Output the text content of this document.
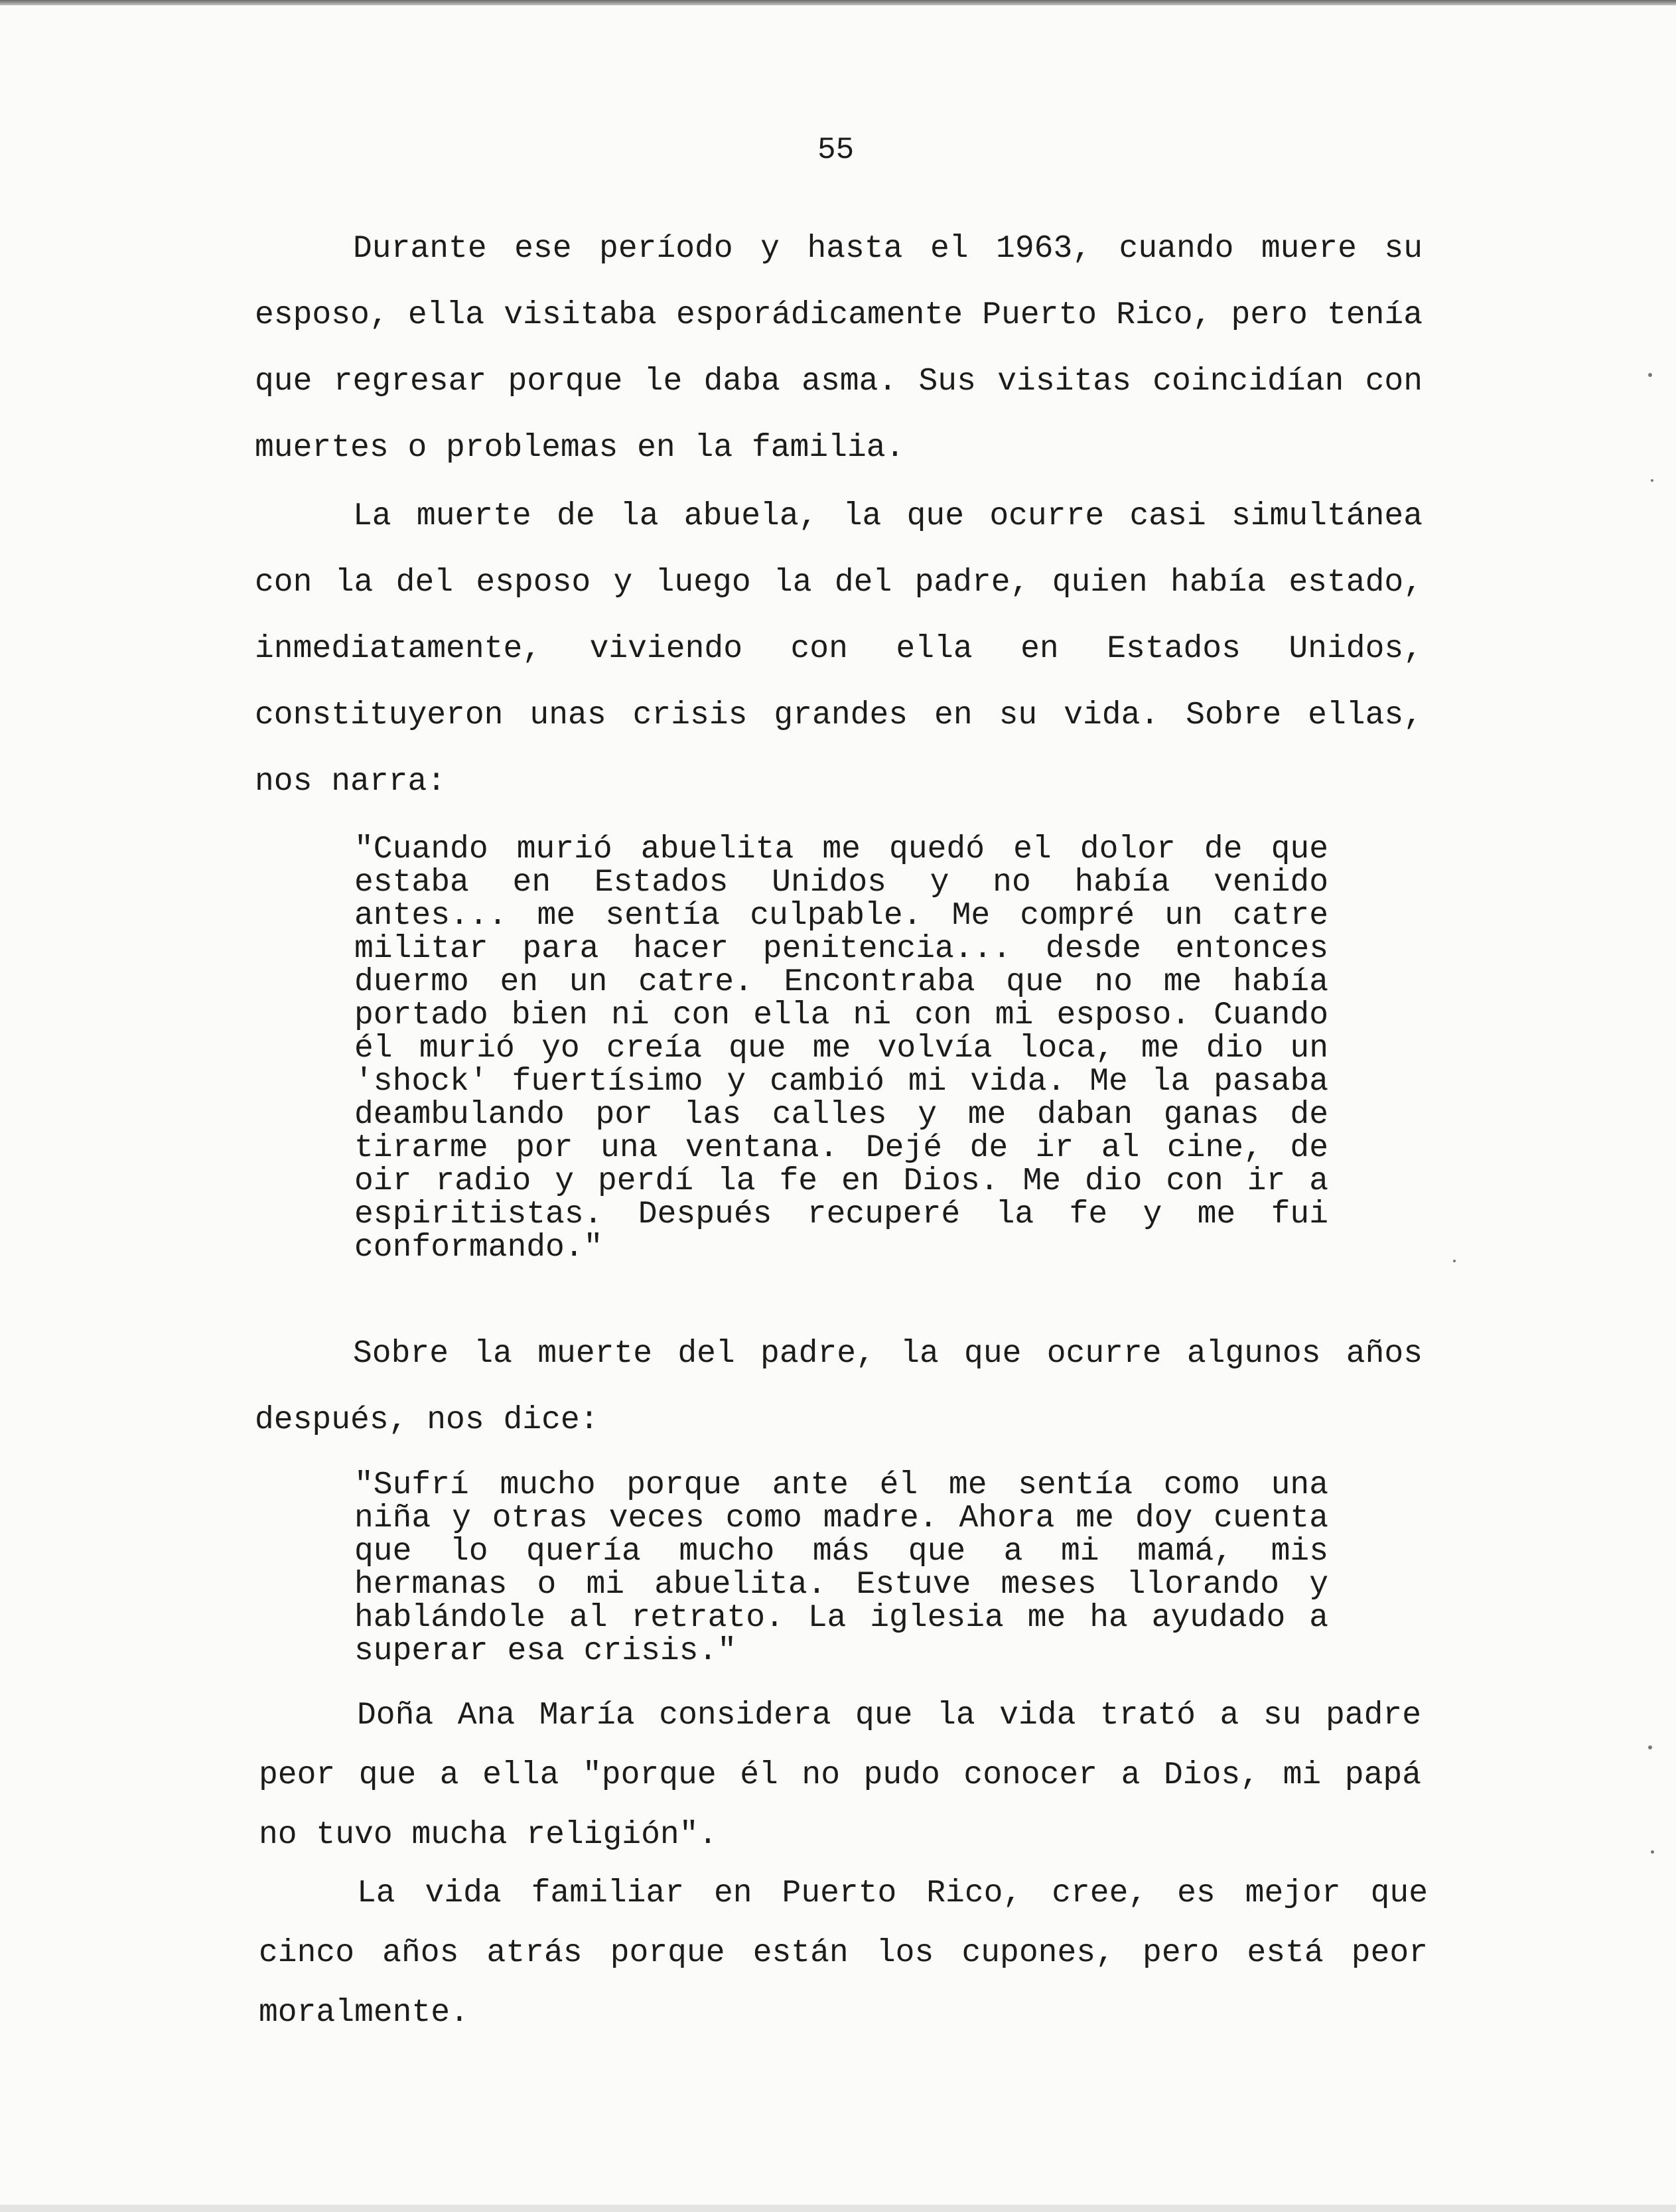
55

Durante ese período y hasta el 1963, cuando muere su esposo, ella visitaba esporádicamente Puerto Rico, pero tenía que regresar porque le daba asma. Sus visitas coincidían con muertes o problemas en la familia.

La muerte de la abuela, la que ocurre casi simultánea con la del esposo y luego la del padre, quien había estado, inmediatamente, viviendo con ella en Estados Unidos, constituyeron unas crisis grandes en su vida. Sobre ellas, nos narra:

"Cuando murió abuelita me quedó el dolor de que estaba en Estados Unidos y no había venido antes... me sentía culpable. Me compré un catre militar para hacer penitencia... desde entonces duermo en un catre. Encontraba que no me había portado bien ni con ella ni con mi esposo. Cuando él murió yo creía que me volvía loca, me dio un 'shock' fuertísimo y cambió mi vida. Me la pasaba deambulando por las calles y me daban ganas de tirarme por una ventana. Dejé de ir al cine, de oir radio y perdí la fe en Dios. Me dio con ir a espiritistas. Después recuperé la fe y me fui conformando."

Sobre la muerte del padre, la que ocurre algunos años después, nos dice:

"Sufrí mucho porque ante él me sentía como una niña y otras veces como madre. Ahora me doy cuenta que lo quería mucho más que a mi mamá, mis hermanas o mi abuelita. Estuve meses llorando y hablándole al retrato. La iglesia me ha ayudado a superar esa crisis."

Doña Ana María considera que la vida trató a su padre peor que a ella "porque él no pudo conocer a Dios, mi papá no tuvo mucha religión".

La vida familiar en Puerto Rico, cree, es mejor que cinco años atrás porque están los cupones, pero está peor moralmente.
